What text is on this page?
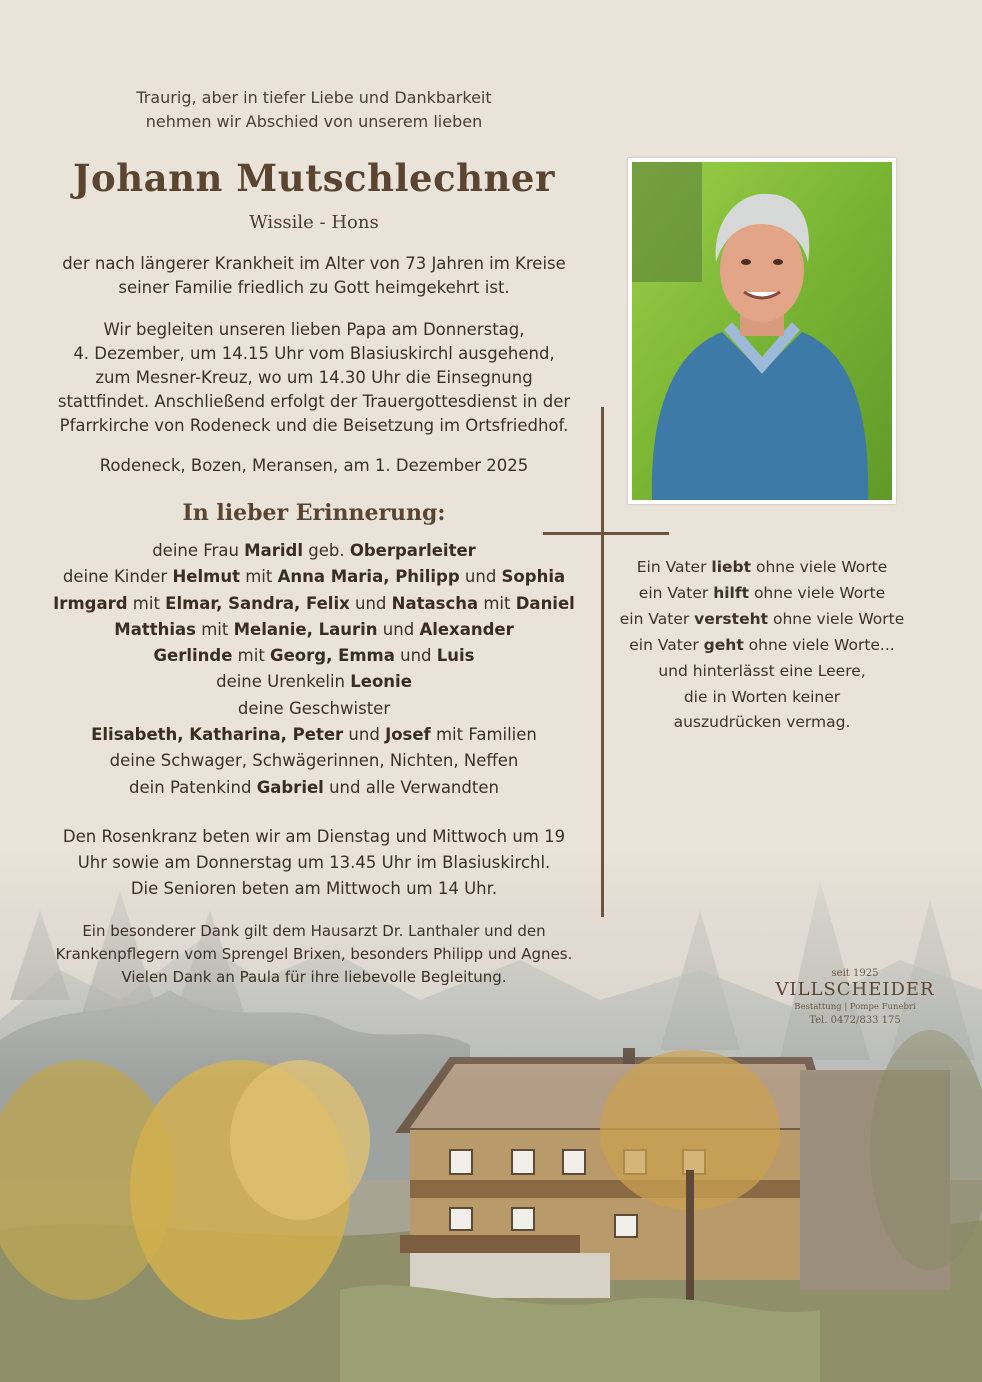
Traurig, aber in tiefer Liebe und Dankbarkeit
nehmen wir Abschied von unserem lieben
Johann Mutschlechner
Wissile - Hons
der nach längerer Krankheit im Alter von 73 Jahren im Kreise
seiner Familie friedlich zu Gott heimgekehrt ist.
Wir begleiten unseren lieben Papa am Donnerstag,
4. Dezember, um 14.15 Uhr vom Blasiuskirchl ausgehend,
zum Mesner-Kreuz, wo um 14.30 Uhr die Einsegnung
stattfindet. Anschließend erfolgt der Trauergottesdienst in der
Pfarrkirche von Rodeneck und die Beisetzung im Ortsfriedhof.
Rodeneck, Bozen, Meransen, am 1. Dezember 2025
In lieber Erinnerung:
deine Frau Maridl geb. Oberparleiter
deine Kinder Helmut mit Anna Maria, Philipp und Sophia
Irmgard mit Elmar, Sandra, Felix und Natascha mit Daniel
Matthias mit Melanie, Laurin und Alexander
Gerlinde mit Georg, Emma und Luis
deine Urenkelin Leonie
deine Geschwister
Elisabeth, Katharina, Peter und Josef mit Familien
deine Schwager, Schwägerinnen, Nichten, Neffen
dein Patenkind Gabriel und alle Verwandten
Den Rosenkranz beten wir am Dienstag und Mittwoch um 19
Uhr sowie am Donnerstag um 13.45 Uhr im Blasiuskirchl.
Die Senioren beten am Mittwoch um 14 Uhr.
Ein besonderer Dank gilt dem Hausarzt Dr. Lanthaler und den
Krankenpflegern vom Sprengel Brixen, besonders Philipp und Agnes.
Vielen Dank an Paula für ihre liebevolle Begleitung.
Ein Vater liebt ohne viele Worte
ein Vater hilft ohne viele Worte
ein Vater versteht ohne viele Worte
ein Vater geht ohne viele Worte...
und hinterlässt eine Leere,
die in Worten keiner
auszudrücken vermag.
seit 1925
VILLSCHEIDER
Bestattung | Pompe Funebri
Tel. 0472/833 175
